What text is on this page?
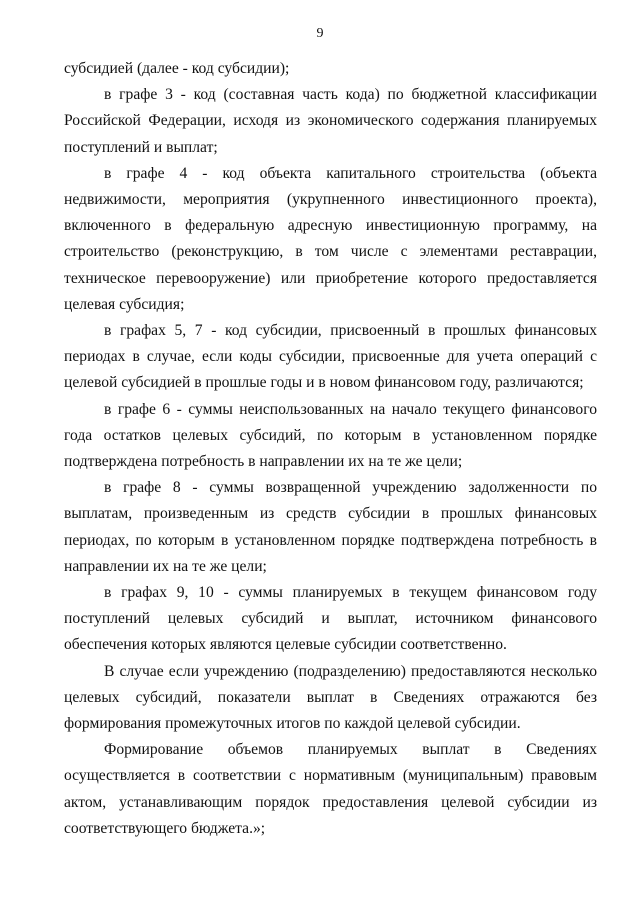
9

субсидией (далее - код субсидии);

в графе 3 - код (составная часть кода) по бюджетной классификации Российской Федерации, исходя из экономического содержания планируемых поступлений и выплат;

в графе 4 - код объекта капитального строительства (объекта недвижимости, мероприятия (укрупненного инвестиционного проекта), включенного в федеральную адресную инвестиционную программу, на строительство (реконструкцию, в том числе с элементами реставрации, техническое перевооружение) или приобретение которого предоставляется целевая субсидия;

в графах 5, 7 - код субсидии, присвоенный в прошлых финансовых периодах в случае, если коды субсидии, присвоенные для учета операций с целевой субсидией в прошлые годы и в новом финансовом году, различаются;

в графе 6 - суммы неиспользованных на начало текущего финансового года остатков целевых субсидий, по которым в установленном порядке подтверждена потребность в направлении их на те же цели;

в графе 8 - суммы возвращенной учреждению задолженности по выплатам, произведенным из средств субсидии в прошлых финансовых периодах, по которым в установленном порядке подтверждена потребность в направлении их на те же цели;

в графах 9, 10 - суммы планируемых в текущем финансовом году поступлений целевых субсидий и выплат, источником финансового обеспечения которых являются целевые субсидии соответственно.

В случае если учреждению (подразделению) предоставляются несколько целевых субсидий, показатели выплат в Сведениях отражаются без формирования промежуточных итогов по каждой целевой субсидии.

Формирование объемов планируемых выплат в Сведениях осуществляется в соответствии с нормативным (муниципальным) правовым актом, устанавливающим порядок предоставления целевой субсидии из соответствующего бюджета.»;
